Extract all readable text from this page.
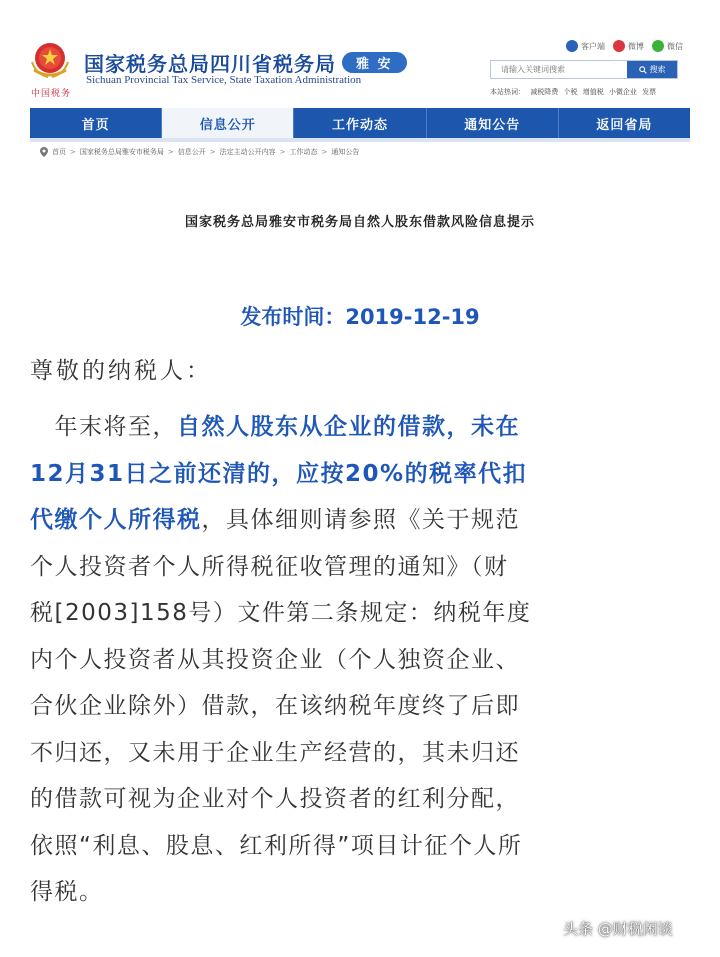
中国税务
国家税务总局四川省税务局 雅 安
Sichuan Provincial Tax Service, State Taxation Administration
客户端	微博	微信
请输入关键词搜索
搜索
本站热词： 减税降费 个税 增值税 小微企业 发票
首页	信息公开	工作动态	通知公告	返回省局
首页 > 国家税务总局雅安市税务局 > 信息公开 > 法定主动公开内容 > 工作动态 > 通知公告
国家税务总局雅安市税务局自然人股东借款风险信息提示
发布时间：2019-12-19
尊敬的纳税人：
　年末将至，自然人股东从企业的借款，未在
12月31日之前还清的，应按20%的税率代扣
代缴个人所得税，具体细则请参照《关于规范
个人投资者个人所得税征收管理的通知》（财
税[2003]158号）文件第二条规定：纳税年度
内个人投资者从其投资企业（个人独资企业、
合伙企业除外）借款，在该纳税年度终了后即
不归还，又未用于企业生产经营的，其未归还
的借款可视为企业对个人投资者的红利分配，
依照“利息、股息、红利所得”项目计征个人所
得税。
头条 @财税闲谈
